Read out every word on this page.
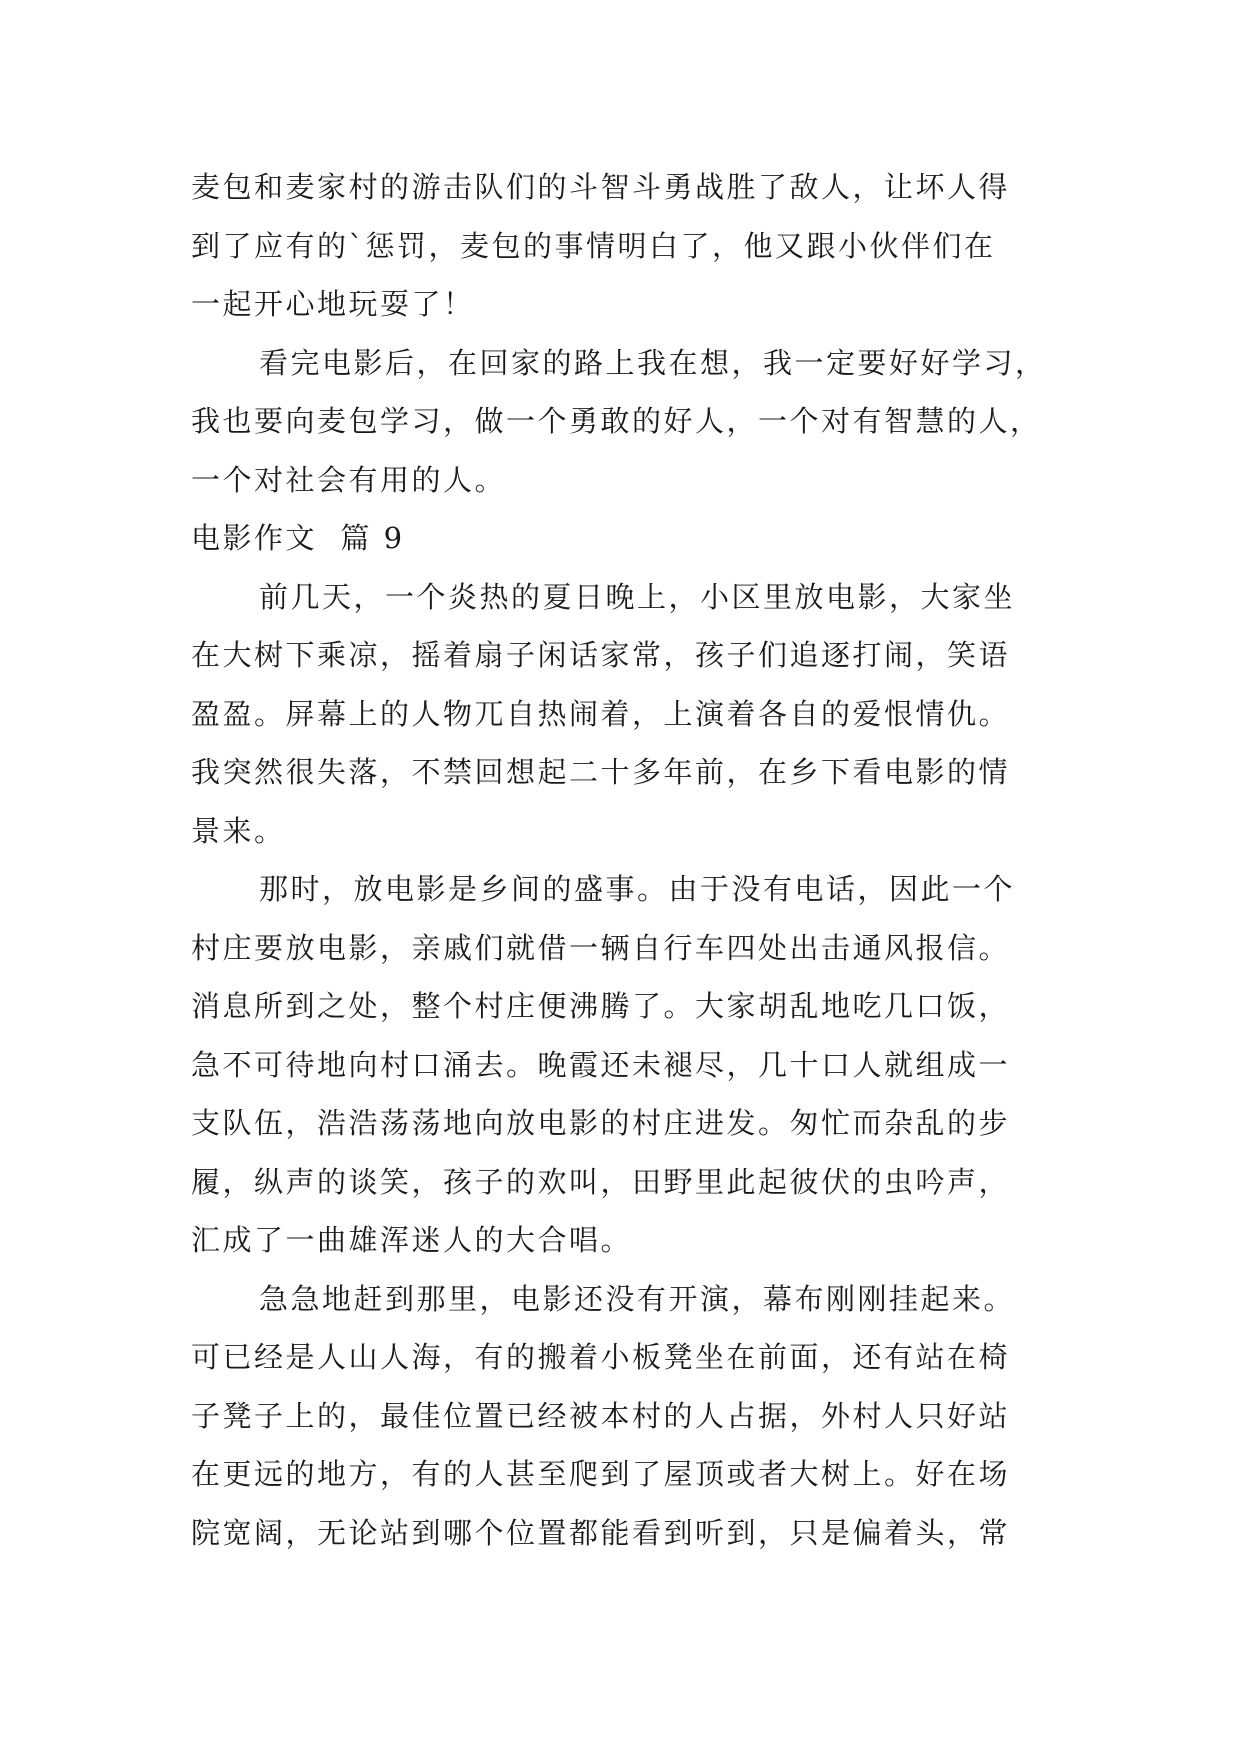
麦包和麦家村的游击队们的斗智斗勇战胜了敌人，让坏人得
到了应有的`惩罚，麦包的事情明白了，他又跟小伙伴们在
一起开心地玩耍了！
看完电影后，在回家的路上我在想，我一定要好好学习，
我也要向麦包学习，做一个勇敢的好人，一个对有智慧的人，
一个对社会有用的人。
电影作文  篇 9
前几天，一个炎热的夏日晚上，小区里放电影，大家坐
在大树下乘凉，摇着扇子闲话家常，孩子们追逐打闹，笑语
盈盈。屏幕上的人物兀自热闹着，上演着各自的爱恨情仇。
我突然很失落，不禁回想起二十多年前，在乡下看电影的情
景来。
那时，放电影是乡间的盛事。由于没有电话，因此一个
村庄要放电影，亲戚们就借一辆自行车四处出击通风报信。
消息所到之处，整个村庄便沸腾了。大家胡乱地吃几口饭，
急不可待地向村口涌去。晚霞还未褪尽，几十口人就组成一
支队伍，浩浩荡荡地向放电影的村庄进发。匆忙而杂乱的步
履，纵声的谈笑，孩子的欢叫，田野里此起彼伏的虫吟声，
汇成了一曲雄浑迷人的大合唱。
急急地赶到那里，电影还没有开演，幕布刚刚挂起来。
可已经是人山人海，有的搬着小板凳坐在前面，还有站在椅
子凳子上的，最佳位置已经被本村的人占据，外村人只好站
在更远的地方，有的人甚至爬到了屋顶或者大树上。好在场
院宽阔，无论站到哪个位置都能看到听到，只是偏着头，常
